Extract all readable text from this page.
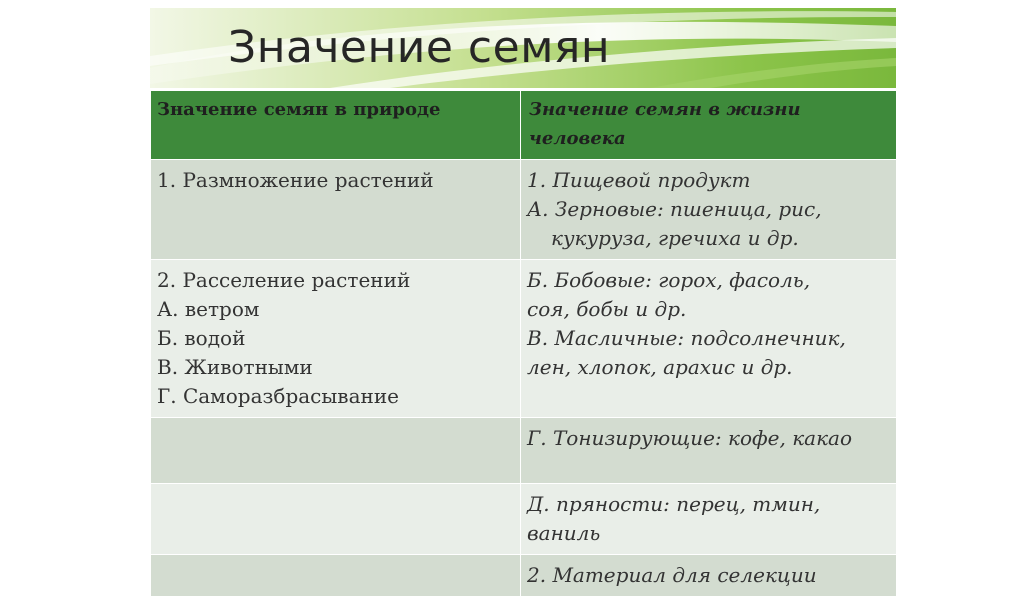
Значение семян
Значение семян в природе	Значение семян в жизни человека

1. Размножение растений	1. Пищевой продукт
А. Зерновые: пшеница, рис,
кукуруза, гречиха и др.

2. Расселение растений
А. ветром
Б. водой
В. Животными
Г. Саморазбрасывание	Б. Бобовые: горох, фасоль,
соя, бобы и др.
В. Масличные: подсолнечник,
лен, хлопок, арахис и др.

	Г. Тонизирующие: кофе, какао

	Д. пряности: перец, тмин,
ваниль

	2. Материал для селекции
